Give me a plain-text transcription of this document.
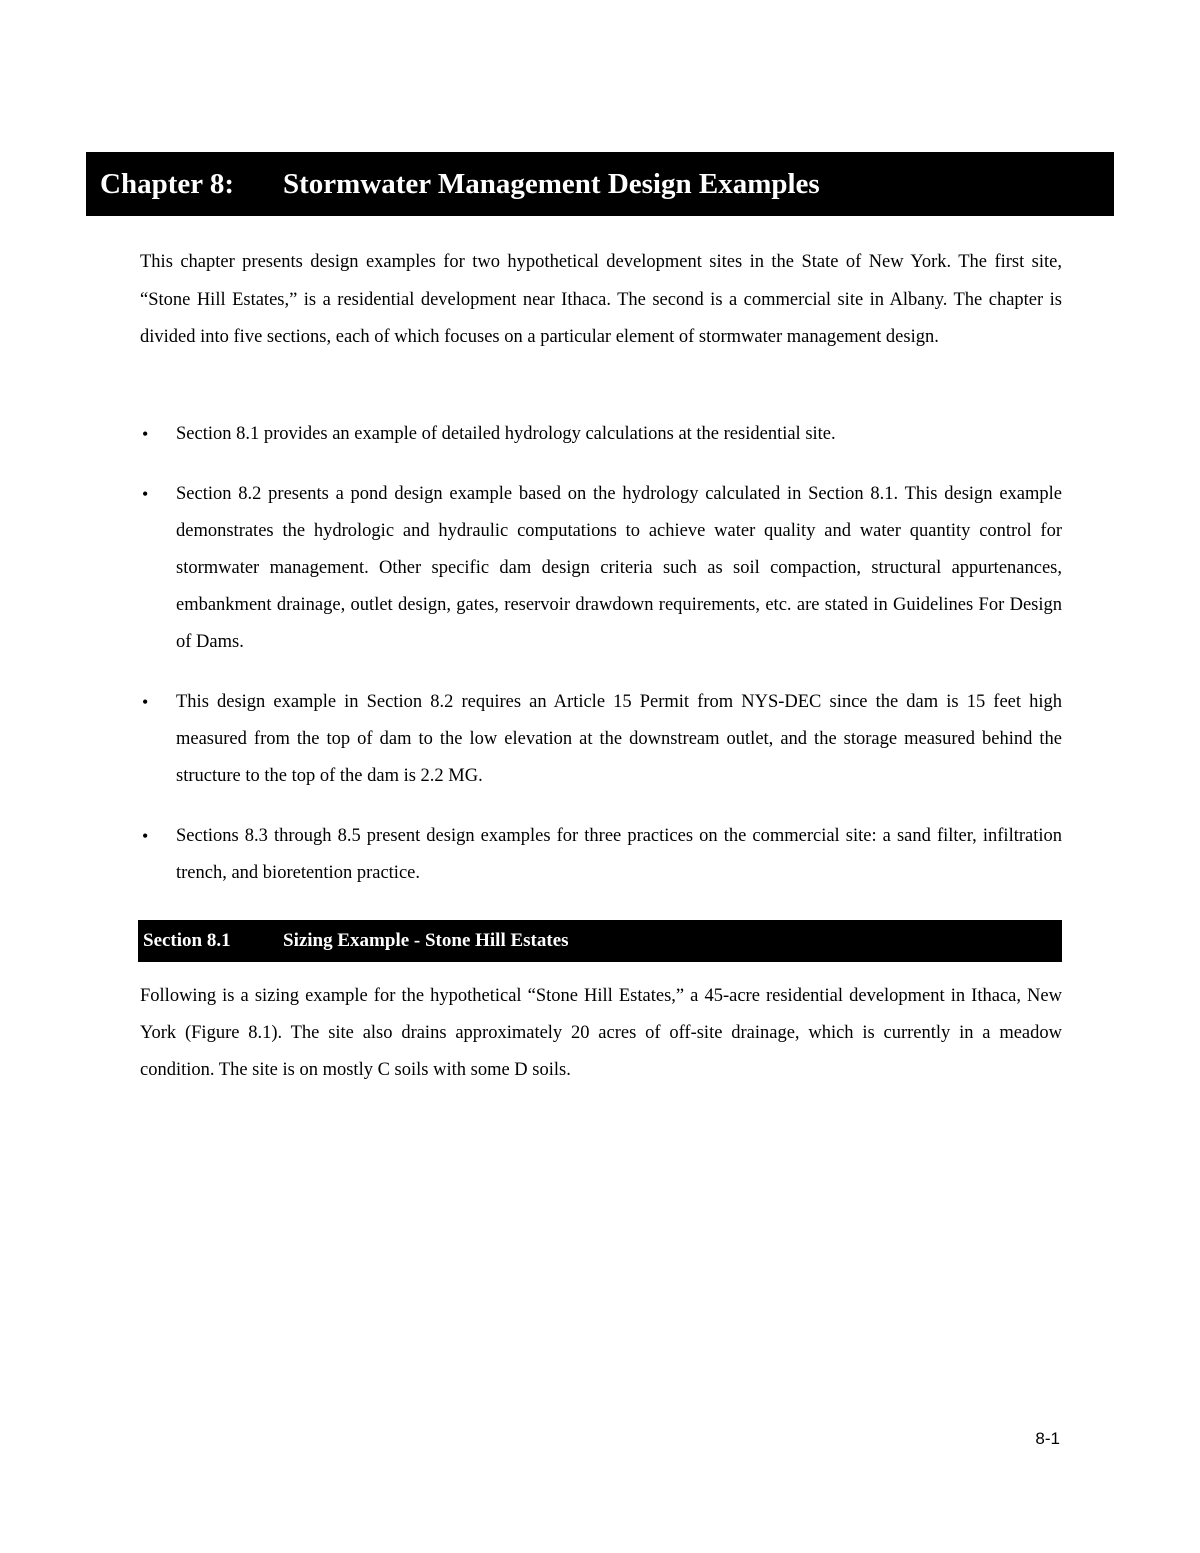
Chapter 8:	Stormwater Management Design Examples

This chapter presents design examples for two hypothetical development sites in the State of New York. The first site, “Stone Hill Estates,” is a residential development near Ithaca. The second is a commercial site in Albany. The chapter is divided into five sections, each of which focuses on a particular element of stormwater management design.

• Section 8.1 provides an example of detailed hydrology calculations at the residential site.
• Section 8.2 presents a pond design example based on the hydrology calculated in Section 8.1. This design example demonstrates the hydrologic and hydraulic computations to achieve water quality and water quantity control for stormwater management. Other specific dam design criteria such as soil compaction, structural appurtenances, embankment drainage, outlet design, gates, reservoir drawdown requirements, etc. are stated in Guidelines For Design of Dams.
• This design example in Section 8.2 requires an Article 15 Permit from NYS-DEC since the dam is 15 feet high measured from the top of dam to the low elevation at the downstream outlet, and the storage measured behind the structure to the top of the dam is 2.2 MG.
• Sections 8.3 through 8.5 present design examples for three practices on the commercial site: a sand filter, infiltration trench, and bioretention practice.
Section 8.1	Sizing Example - Stone Hill Estates

Following is a sizing example for the hypothetical “Stone Hill Estates,” a 45-acre residential development in Ithaca, New York (Figure 8.1). The site also drains approximately 20 acres of off-site drainage, which is currently in a meadow condition. The site is on mostly C soils with some D soils.

8-1
